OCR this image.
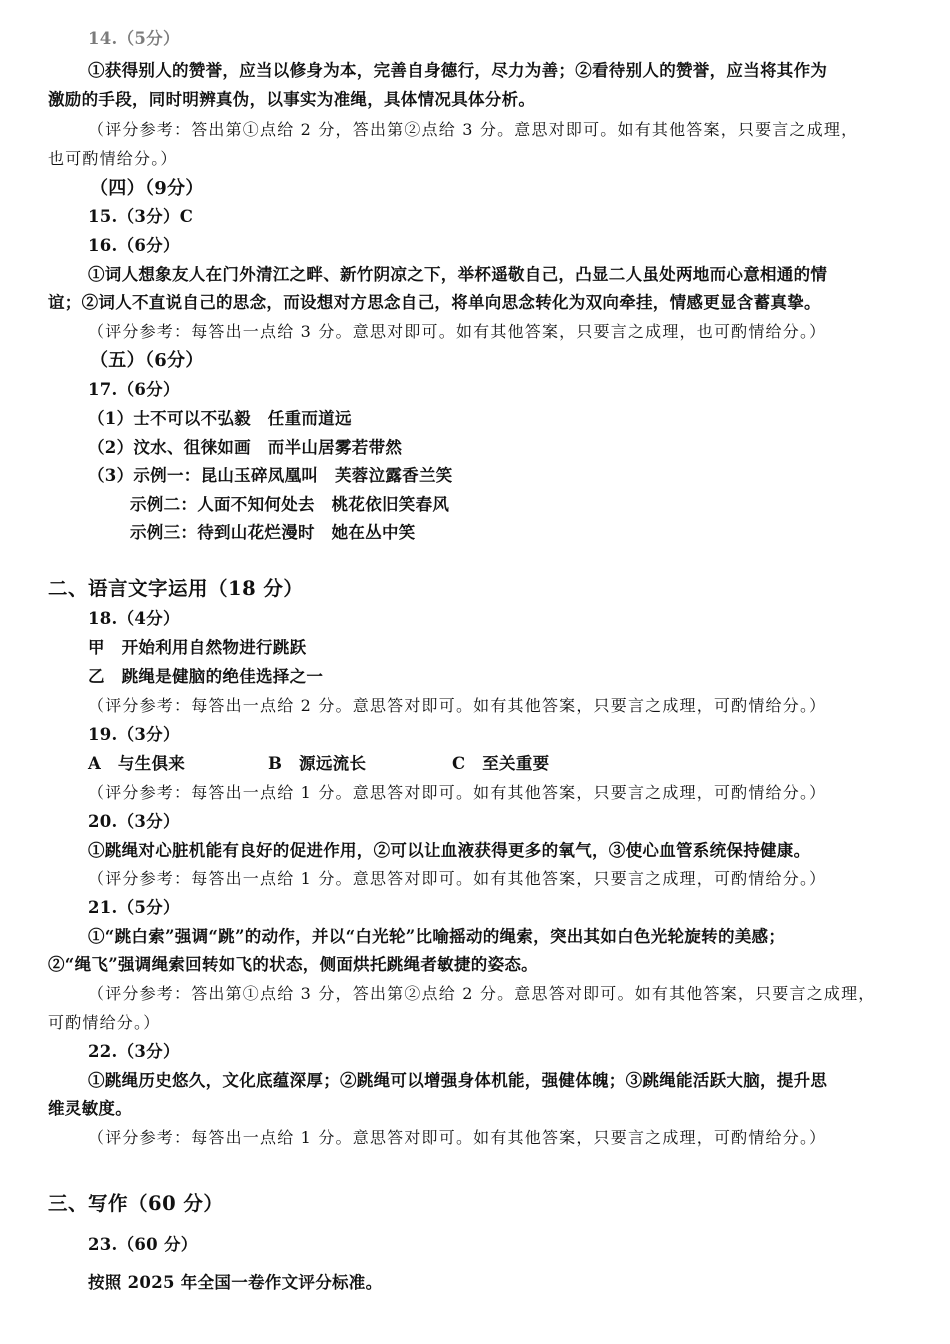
14.（5分）
①获得别人的赞誉，应当以修身为本，完善自身德行，尽力为善；②看待别人的赞誉，应当将其作为
激励的手段，同时明辨真伪，以事实为准绳，具体情况具体分析。
（评分参考：答出第①点给 2 分，答出第②点给 3 分。意思对即可。如有其他答案，只要言之成理，
也可酌情给分。）
（四）（9分）
15.（3分）C
16.（6分）
①词人想象友人在门外清江之畔、新竹阴凉之下，举杯遥敬自己，凸显二人虽处两地而心意相通的情
谊；②词人不直说自己的思念，而设想对方思念自己，将单向思念转化为双向牵挂，情感更显含蓄真挚。
（评分参考：每答出一点给 3 分。意思对即可。如有其他答案，只要言之成理，也可酌情给分。）
（五）（6分）
17.（6分）
（1）士不可以不弘毅　任重而道远
（2）汶水、徂徕如画　而半山居雾若带然
（3）示例一：昆山玉碎凤凰叫　芙蓉泣露香兰笑
示例二：人面不知何处去　桃花依旧笑春风
示例三：待到山花烂漫时　她在丛中笑
二、语言文字运用（18 分）
18.（4分）
甲　开始利用自然物进行跳跃
乙　跳绳是健脑的绝佳选择之一
（评分参考：每答出一点给 2 分。意思答对即可。如有其他答案，只要言之成理，可酌情给分。）
19.（3分）
A　与生俱来	B　源远流长	C　至关重要
（评分参考：每答出一点给 1 分。意思答对即可。如有其他答案，只要言之成理，可酌情给分。）
20.（3分）
①跳绳对心脏机能有良好的促进作用，②可以让血液获得更多的氧气，③使心血管系统保持健康。
（评分参考：每答出一点给 1 分。意思答对即可。如有其他答案，只要言之成理，可酌情给分。）
21.（5分）
①“跳白索”强调“跳”的动作，并以“白光轮”比喻摇动的绳索，突出其如白色光轮旋转的美感；
②“绳飞”强调绳索回转如飞的状态，侧面烘托跳绳者敏捷的姿态。
（评分参考：答出第①点给 3 分，答出第②点给 2 分。意思答对即可。如有其他答案，只要言之成理，
可酌情给分。）
22.（3分）
①跳绳历史悠久，文化底蕴深厚；②跳绳可以增强身体机能，强健体魄；③跳绳能活跃大脑，提升思
维灵敏度。
（评分参考：每答出一点给 1 分。意思答对即可。如有其他答案，只要言之成理，可酌情给分。）
三、写作（60 分）
23.（60 分）
按照 2025 年全国一卷作文评分标准。
